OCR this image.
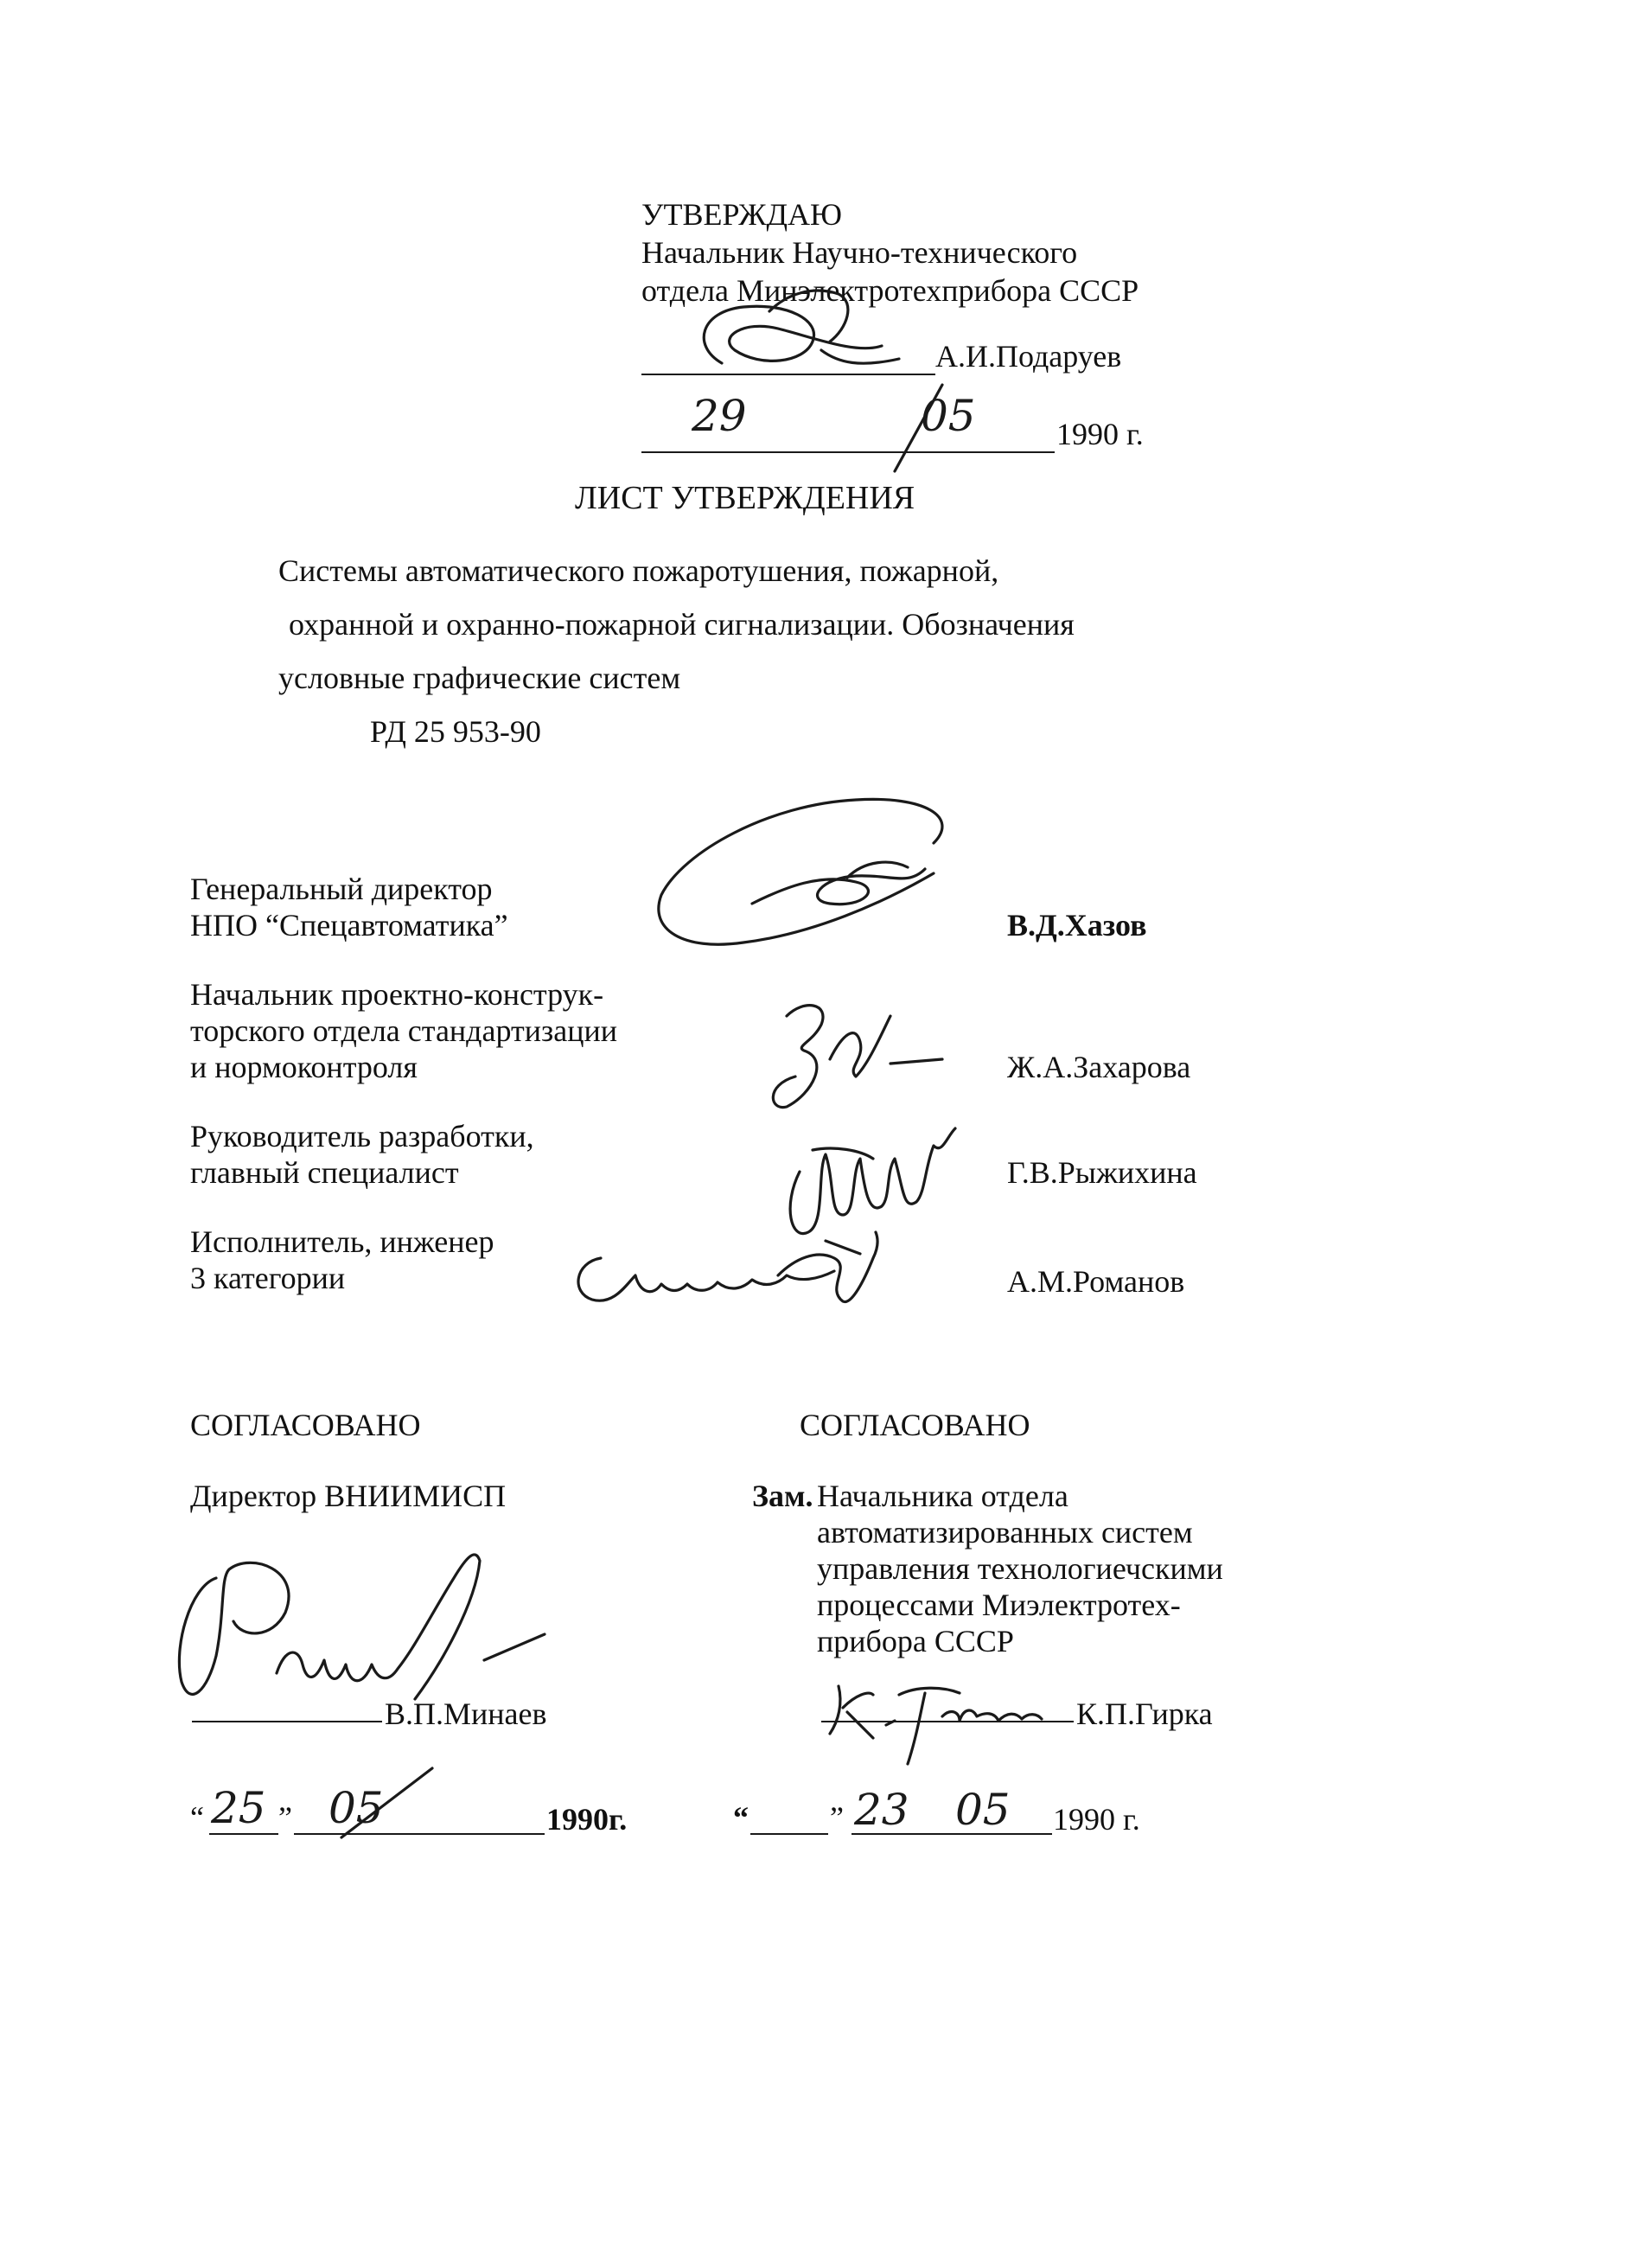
УТВЕРЖДАЮ
Начальник Научно-технического
отдела Минэлектротехприбора СССР
А.И.Подаруев
29	05	1990 г.
ЛИСТ УТВЕРЖДЕНИЯ
Системы автоматического пожаротушения, пожарной,
охранной и охранно-пожарной сигнализации. Обозначения
условные графические систем
РД 25 953-90
Генеральный директор
НПО “Спецавтоматика”	В.Д.Хазов
Начальник проектно-конструк-
торского отдела стандартизации
и нормоконтроля	Ж.А.Захарова
Руководитель разработки,
главный специалист	Г.В.Рыжихина
Исполнитель, инженер
3 категории	А.М.Романов
СОГЛАСОВАНО
Директор ВНИИМИСП
В.П.Минаев
“ 25 ” 05	1990г.
СОГЛАСОВАНО
Зам. Начальника отдела
автоматизированных систем
управления технологиечскими
процессами Миэлектротех-
прибора СССР
К.П.Гирка
“	” 23 05 1990 г.
